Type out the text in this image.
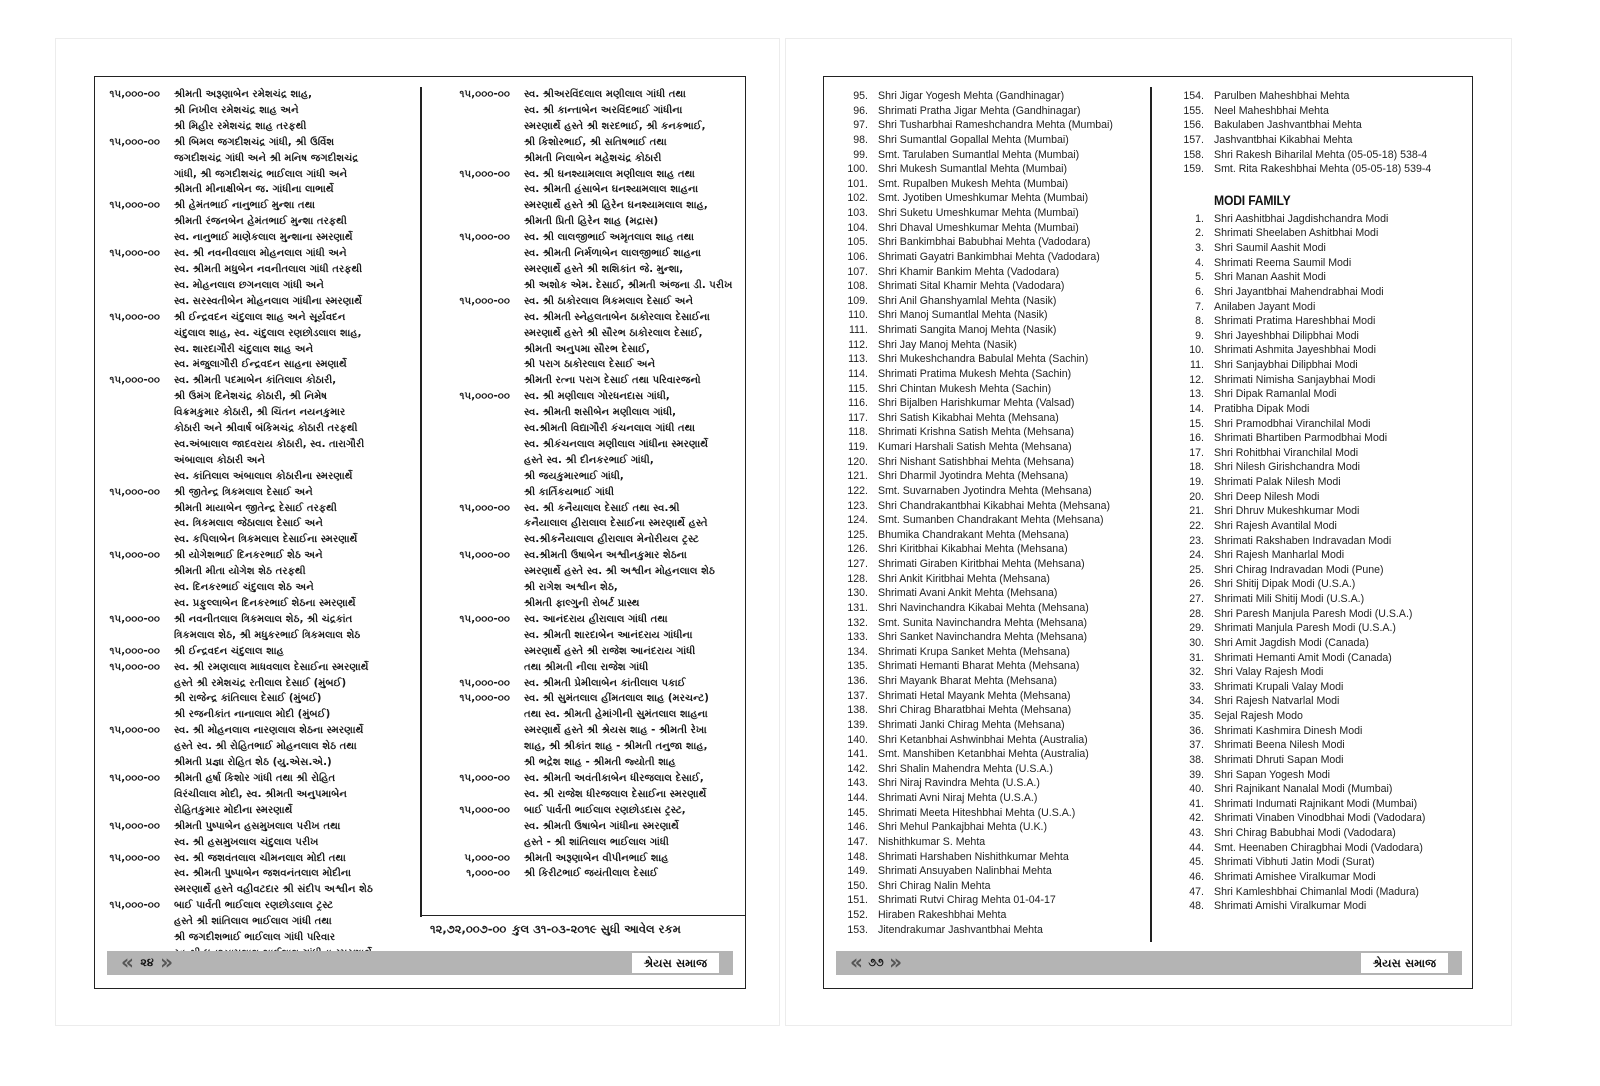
૧૫,૦૦૦-૦૦	શ્રીમતી અરૂણાબેન રમેશચંદ્ર શાહ,
શ્રી નિખીલ રમેશચંદ્ર શાહ અને
શ્રી મિહીર રમેશચંદ્ર શાહ તરફથી
૧૫,૦૦૦-૦૦	શ્રી બિમલ જગદીશચંદ્ર ગાંધી, શ્રી ઉર્વિશ
જગદીશચંદ્ર ગાંધી અને શ્રી મનિષ જગદીશચંદ્ર
ગાંધી, શ્રી જગદીશચંદ્ર ભાઈલાલ ગાંધી અને
શ્રીમતી મીનાક્ષીબેન જ. ગાંધીના લાભાર્થે
૧૫,૦૦૦-૦૦	શ્રી હેમંતભાઈ નાનુભાઈ મુન્શા તથા
શ્રીમતી રંજનબેન હેમંતભાઈ મુન્શા તરફથી
સ્વ. નાનુભાઈ માણેકલાલ મુન્શાના સ્મરણાર્થે
૧૫,૦૦૦-૦૦	સ્વ. શ્રી નવનીવલાલ મોહનલાલ ગાંધી અને
સ્વ. શ્રીમતી મધુબેન નવનીતલાલ ગાંધી તરફથી
સ્વ. મોહનલાલ છગનલાલ ગાંધી અને
સ્વ. સરસ્વતીબેન મોહનલાલ ગાંધીના સ્મરણાર્થે
૧૫,૦૦૦-૦૦	શ્રી ઈન્દ્રવદન ચંદુલાલ શાહ અને સૂર્યવદન
ચંદુલાલ શાહ, સ્વ. ચંદુલાલ રણછોડલાલ શાહ,
સ્વ. શારદાગૌરી ચંદુલાલ શાહ અને
સ્વ. મંજુલાગૌરી ઈન્દ્રવદન સાહના સ્મણાર્થે
૧૫,૦૦૦-૦૦	સ્વ. શ્રીમતી પદમાબેન કાંતિલાલ કોઠારી,
શ્રી ઉમંગ દિનેશચંદ્ર કોઠારી, શ્રી નિમેષ
વિક્રમકુમાર કોઠારી, શ્રી ચિંતન નયનકુમાર
કોઠારી અને શ્રીવાર્ષ બંકિમચંદ્ર કોઠારી તરફથી
સ્વ.અંબાલાલ જાદવરાય કોઠારી, સ્વ. તારાગૌરી
અંબાલાલ કોઠારી અને
સ્વ. કાંતિલાલ અંબાલાલ કોઠારીના સ્મરણાર્થે
૧૫,૦૦૦-૦૦	શ્રી જીતેન્દ્ર ત્રિકમલાલ દેસાઈ અને
શ્રીમતી માયાબેન જીતેન્દ્ર દેસાઈ તરફથી
સ્વ. ત્રિકમલાલ જેઠાલાલ દેસાઈ અને
સ્વ. કપિલાબેન ત્રિકમલાલ દેસાઈના સ્મરણાર્થે
૧૫,૦૦૦-૦૦	શ્રી યોગેશભાઈ દિનકરભાઈ શેઠ અને
શ્રીમતી મીતા યોગેશ શેઠ તરફથી
સ્વ. દિનકરભાઈ ચંદુલાલ શેઠ અને
સ્વ. પ્રફુલ્લાબેન દિનકરભાઈ શેઠના સ્મરણાર્થે
૧૫,૦૦૦-૦૦	શ્રી નવનીતલાલ ત્રિકમલાલ શેઠ, શ્રી ચંદ્રકાંત
ત્રિકમલાલ શેઠ, શ્રી મધુકરભાઈ ત્રિકમલાલ શેઠ
૧૫,૦૦૦-૦૦	શ્રી ઈન્દ્રવદન ચંદુલાલ શાહ
૧૫,૦૦૦-૦૦	સ્વ. શ્રી રમણલાલ માધવલાલ દેસાઈના સ્મરણાર્થે
હસ્તે શ્રી રમેશચંદ્ર રતીલાલ દેસાઈ (મુંબઈ)
શ્રી રાજેન્દ્ર કાંતિલાલ દેસાઈ (મુંબઈ)
શ્રી રજનીકાંત નાનાલાલ મોદી (મુંબઈ)
૧૫,૦૦૦-૦૦	સ્વ. શ્રી મોહનલાલ નારણલાલ શેઠના સ્મરણાર્થે
હસ્તે સ્વ. શ્રી રોહિતભાઈ મોહનલાલ શેઠ તથા
શ્રીમતી પ્રજ્ઞા રોહિત શેઠ (યુ.એસ.એ.)
૧૫,૦૦૦-૦૦	શ્રીમતી હર્ષા કિશોર ગાંધી તથા શ્રી રોહિત
વિરંચીલાલ મોદી, સ્વ. શ્રીમતી અનુપમાબેન
રોહિતકુમાર મોદીના સ્મરણાર્થે
૧૫,૦૦૦-૦૦	શ્રીમતી પુષ્પાબેન હસમુખલાલ પરીખ તથા
સ્વ. શ્રી હસમુખલાલ ચંદુલાલ પરીખ
૧૫,૦૦૦-૦૦	સ્વ. શ્રી જશવંતલાલ ચીમનલાલ મોદી તથા
સ્વ. શ્રીમતી પુષ્પાબેન જશવનંતલાલ મોદીના
સ્મરણાર્થે હસ્તે વહીવટદાર શ્રી સંદીપ અશ્વીન શેઠ
૧૫,૦૦૦-૦૦	બાઈ પાર્વતી ભાઈલાલ રણછોડલાલ ટ્રસ્ટ
હસ્તે શ્રી શાંતિલાલ ભાઈલાલ ગાંધી તથા
શ્રી જગદીશભાઈ ભાઈલાલ ગાંધી પરિવાર
૧૫,૦૦૦-૦૦	સ્વ. શ્રીઅરવિંદલાલ મણીલાલ ગાંધી તથા
સ્વ. શ્રી કાન્તાબેન અરવિંદભાઈ ગાંધીના
સ્મરણાર્થે હસ્તે શ્રી શરદભાઈ, શ્રી કનકભાઈ,
શ્રી કિશોરભાઈ, શ્રી સતિષભાઈ તથા
શ્રીમતી નિલાબેન મહેશચંદ્ર કોઠારી
૧૫,૦૦૦-૦૦	સ્વ. શ્રી ઘનશ્યામલાલ મણીલાલ શાહ તથા
સ્વ. શ્રીમતી હંસાબેન ઘનશ્યામલાલ શાહના
સ્મરણાર્થે હસ્તે શ્રી હિરેન ઘનશ્યામલાલ શાહ,
શ્રીમતી પ્રિતી હિરેન શાહ (મદ્રાસ)
૧૫,૦૦૦-૦૦	સ્વ. શ્રી લાલજીભાઈ અમૃતલાલ શાહ તથા
સ્વ. શ્રીમતી નિર્મળાબેન લાલજીભાઈ શાહના
સ્મરણાર્થે હસ્તે શ્રી શશિકાંત જે. મુન્શા,
શ્રી અશોક એમ. દેસાઈ, શ્રીમતી અંજના ડી. પરીખ
૧૫,૦૦૦-૦૦	સ્વ. શ્રી ઠાકોરલાલ ત્રિકમલાલ દેસાઈ અને
સ્વ. શ્રીમતી સ્નેહલતાબેન ઠાકોરલાલ દેસાઈના
સ્મરણાર્થે હસ્તે શ્રી સૌરભ ઠાકોરલાલ દેસાઈ,
શ્રીમતી અનુપમા સૌરભ દેસાઈ,
શ્રી પરાગ ઠાકોરલાલ દેસાઈ અને
શ્રીમતી રત્ના પરાગ દેસાઈ તથા પરિવારજનો
૧૫,૦૦૦-૦૦	સ્વ. શ્રી મણીલાલ ગોરધનદાસ ગાંધી,
સ્વ. શ્રીમતી શસીબેન મણીલાલ ગાંધી,
સ્વ.શ્રીમતી વિદ્યાગૌરી કંચનલાલ ગાંધી તથા
સ્વ. શ્રીકંચનલાલ મણીલાલ ગાંધીના સ્મરણાર્થે
હસ્તે સ્વ. શ્રી દીનકરભાઈ ગાંધી,
શ્રી જયકુમારભાઈ ગાંધી,
શ્રી કાર્તિકયભાઈ ગાંધી
૧૫,૦૦૦-૦૦	સ્વ. શ્રી કનૈયાલાલ દેસાઈ તથા સ્વ.શ્રી
કનૈયાલાલ હીરાલાલ દેસાઈના સ્મરણાર્થે હસ્તે
સ્વ.શ્રીકનૈયાલાલ હીરાલાલ મેનોરીયલ ટ્રસ્ટ
૧૫,૦૦૦-૦૦	સ્વ.શ્રીમતી ઉષાબેન અશ્વીનકુમાર શેઠના
સ્મરણાર્થે હસ્તે સ્વ. શ્રી અશ્વીન મોહનલાલ શેઠ
શ્રી રાગેશ અશ્વીન શેઠ,
શ્રીમતી ફાલ્ગુની રોબર્ટ પ્રાસ્થ
૧૫,૦૦૦-૦૦	સ્વ. આનંદરાય હીરાલાલ ગાંધી તથા
સ્વ. શ્રીમતી શારદાબેન આનંદરાય ગાંધીના
સ્મરણાર્થે હસ્તે શ્રી રાજેશ આનંદરાય ગાંધી
તથા શ્રીમતી નીલા રાજેશ ગાંધી
૧૫,૦૦૦-૦૦	સ્વ. શ્રીમતી પ્રેમીલાબેન કાંતીલાલ પકાઈ
૧૫,૦૦૦-૦૦	સ્વ. શ્રી સુમંતલાલ હીંમતલાલ શાહ (મરચન્ટ)
તથા સ્વ. શ્રીમતી હેમાંગીની સુમંતલાલ શાહના
સ્મરણાર્થે હસ્તે શ્રી શ્રેયસ શાહ - શ્રીમતી રેખા
શાહ, શ્રી શ્રીકાંત શાહ - શ્રીમતી તનુજા શાહ,
શ્રી ભદ્રેશ શાહ - શ્રીમતી જ્યોતી શાહ
૧૫,૦૦૦-૦૦	સ્વ. શ્રીમતી અવંતીકાબેન ધીરજલાલ દેસાઈ,
સ્વ. શ્રી રાજેશ ધીરજલાલ દેસાઈના સ્મરણાર્થે
૧૫,૦૦૦-૦૦	બાઈ પાર્વતી ભાઈલાલ રણછોડદાસ ટ્રસ્ટ,
સ્વ. શ્રીમતી ઉષાબેન ગાંધીના સ્મરણાર્થે
હસ્તે - શ્રી શાંતિલાલ ભાઈલાલ ગાંધી
૫,૦૦૦-૦૦	શ્રીમતી અરૂણાબેન વીપીનભાઈ શાહ
૧,૦૦૦-૦૦	શ્રી કિરીટભાઈ જયંતીલાલ દેસાઈ
૧૨,૭૨,૦૦૭-૦૦ કુલ ૩૧-૦૩-૨૦૧૯ સુધી આવેલ રકમ
« ૨૪ »	શ્રેયસ સમાજ
95. Shri Jigar Yogesh Mehta (Gandhinagar)
96. Shrimati Pratha Jigar Mehta (Gandhinagar)
97. Shri Tusharbhai Rameshchandra Mehta (Mumbai)
98. Shri Sumantlal Gopallal Mehta (Mumbai)
99. Smt. Tarulaben Sumantlal Mehta (Mumbai)
100. Shri Mukesh Sumantlal Mehta (Mumbai)
101. Smt. Rupalben Mukesh Mehta (Mumbai)
102. Smt. Jyotiben Umeshkumar Mehta (Mumbai)
103. Shri Suketu Umeshkumar Mehta (Mumbai)
104. Shri Dhaval Umeshkumar Mehta (Mumbai)
105. Shri Bankimbhai Babubhai Mehta (Vadodara)
106. Shrimati Gayatri Bankimbhai Mehta (Vadodara)
107. Shri Khamir Bankim Mehta (Vadodara)
108. Shrimati Sital Khamir Mehta (Vadodara)
109. Shri Anil Ghanshyamlal Mehta (Nasik)
110. Shri Manoj Sumantlal Mehta (Nasik)
111. Shrimati Sangita Manoj Mehta (Nasik)
112. Shri Jay Manoj Mehta (Nasik)
113. Shri Mukeshchandra Babulal Mehta (Sachin)
114. Shrimati Pratima Mukesh Mehta (Sachin)
115. Shri Chintan Mukesh Mehta (Sachin)
116. Shri Bijalben Harishkumar Mehta (Valsad)
117. Shri Satish Kikabhai Mehta (Mehsana)
118. Shrimati Krishna Satish Mehta (Mehsana)
119. Kumari Harshali Satish Mehta (Mehsana)
120. Shri Nishant Satishbhai Mehta (Mehsana)
121. Shri Dharmil Jyotindra Mehta (Mehsana)
122. Smt. Suvarnaben Jyotindra Mehta (Mehsana)
123. Shri Chandrakantbhai Kikabhai Mehta (Mehsana)
124. Smt. Sumanben Chandrakant Mehta (Mehsana)
125. Bhumika Chandrakant Mehta (Mehsana)
126. Shri Kiritbhai Kikabhai Mehta (Mehsana)
127. Shrimati Giraben Kiritbhai Mehta (Mehsana)
128. Shri Ankit Kiritbhai Mehta (Mehsana)
130. Shrimati Avani Ankit Mehta (Mehsana)
131. Shri Navinchandra Kikabai Mehta (Mehsana)
132. Smt. Sunita Navinchandra Mehta (Mehsana)
133. Shri Sanket Navinchandra Mehta (Mehsana)
134. Shrimati Krupa Sanket Mehta (Mehsana)
135. Shrimati Hemanti Bharat Mehta (Mehsana)
136. Shri Mayank Bharat Mehta (Mehsana)
137. Shrimati Hetal Mayank Mehta (Mehsana)
138. Shri Chirag Bharatbhai Mehta (Mehsana)
139. Shrimati Janki Chirag Mehta (Mehsana)
140. Shri Ketanbhai Ashwinbhai Mehta (Australia)
141. Smt. Manshiben Ketanbhai Mehta (Australia)
142. Shri Shalin Mahendra Mehta (U.S.A.)
143. Shri Niraj Ravindra Mehta (U.S.A.)
144. Shrimati Avni Niraj Mehta (U.S.A.)
145. Shrimati Meeta Hiteshbhai Mehta (U.S.A.)
146. Shri Mehul Pankajbhai Mehta (U.K.)
147. Nishithkumar S. Mehta
148. Shrimati Harshaben Nishithkumar Mehta
149. Shrimati Ansuyaben Nalinbhai Mehta
150. Shri Chirag Nalin Mehta
151. Shrimati Rutvi Chirag Mehta 01-04-17
152. Hiraben Rakeshbhai Mehta
153. Jitendrakumar Jashvantbhai Mehta
154. Parulben Maheshbhai Mehta
155. Neel Maheshbhai Mehta
156. Bakulaben Jashvantbhai Mehta
157. Jashvantbhai Kikabhai Mehta
158. Shri Rakesh Biharilal Mehta (05-05-18) 538-4
159. Smt. Rita Rakeshbhai Mehta (05-05-18) 539-4
MODI FAMILY
1. Shri Aashitbhai Jagdishchandra Modi
2. Shrimati Sheelaben Ashitbhai Modi
3. Shri Saumil Aashit Modi
4. Shrimati Reema Saumil Modi
5. Shri Manan Aashit Modi
6. Shri Jayantbhai Mahendrabhai Modi
7. Anilaben Jayant Modi
8. Shrimati Pratima Hareshbhai Modi
9. Shri Jayeshbhai Dilipbhai Modi
10. Shrimati Ashmita Jayeshbhai Modi
11. Shri Sanjaybhai Dilipbhai Modi
12. Shrimati Nimisha Sanjaybhai Modi
13. Shri Dipak Ramanlal Modi
14. Pratibha Dipak Modi
15. Shri Pramodbhai Viranchilal Modi
16. Shrimati Bhartiben Parmodbhai Modi
17. Shri Rohitbhai Viranchilal Modi
18. Shri Nilesh Girishchandra Modi
19. Shrimati Palak Nilesh Modi
20. Shri Deep Nilesh Modi
21. Shri Dhruv Mukeshkumar Modi
22. Shri Rajesh Avantilal Modi
23. Shrimati Rakshaben Indravadan Modi
24. Shri Rajesh Manharlal Modi
25. Shri Chirag Indravadan Modi (Pune)
26. Shri Shitij Dipak Modi (U.S.A.)
27. Shrimati Mili Shitij Modi (U.S.A.)
28. Shri Paresh Manjula Paresh Modi (U.S.A.)
29. Shrimati Manjula Paresh Modi (U.S.A.)
30. Shri Amit Jagdish Modi (Canada)
31. Shrimati Hemanti Amit Modi (Canada)
32. Shri Valay Rajesh Modi
33. Shrimati Krupali Valay Modi
34. Shri Rajesh Natvarlal Modi
35. Sejal Rajesh Modo
36. Shrimati Kashmira Dinesh Modi
37. Shrimati Beena Nilesh Modi
38. Shrimati Dhruti Sapan Modi
39. Shri Sapan Yogesh Modi
40. Shri Rajnikant Nanalal Modi (Mumbai)
41. Shrimati Indumati Rajnikant Modi (Mumbai)
42. Shrimati Vinaben Vinodbhai Modi (Vadodara)
43. Shri Chirag Babubhai Modi (Vadodara)
44. Smt. Heenaben Chiragbhai Modi (Vadodara)
45. Shrimati Vibhuti Jatin Modi (Surat)
46. Shrimati Amishee Viralkumar Modi
47. Shri Kamleshbhai Chimanlal Modi (Madura)
48. Shrimati Amishi Viralkumar Modi
« ૭૭ »	શ્રેયસ સમાજ
